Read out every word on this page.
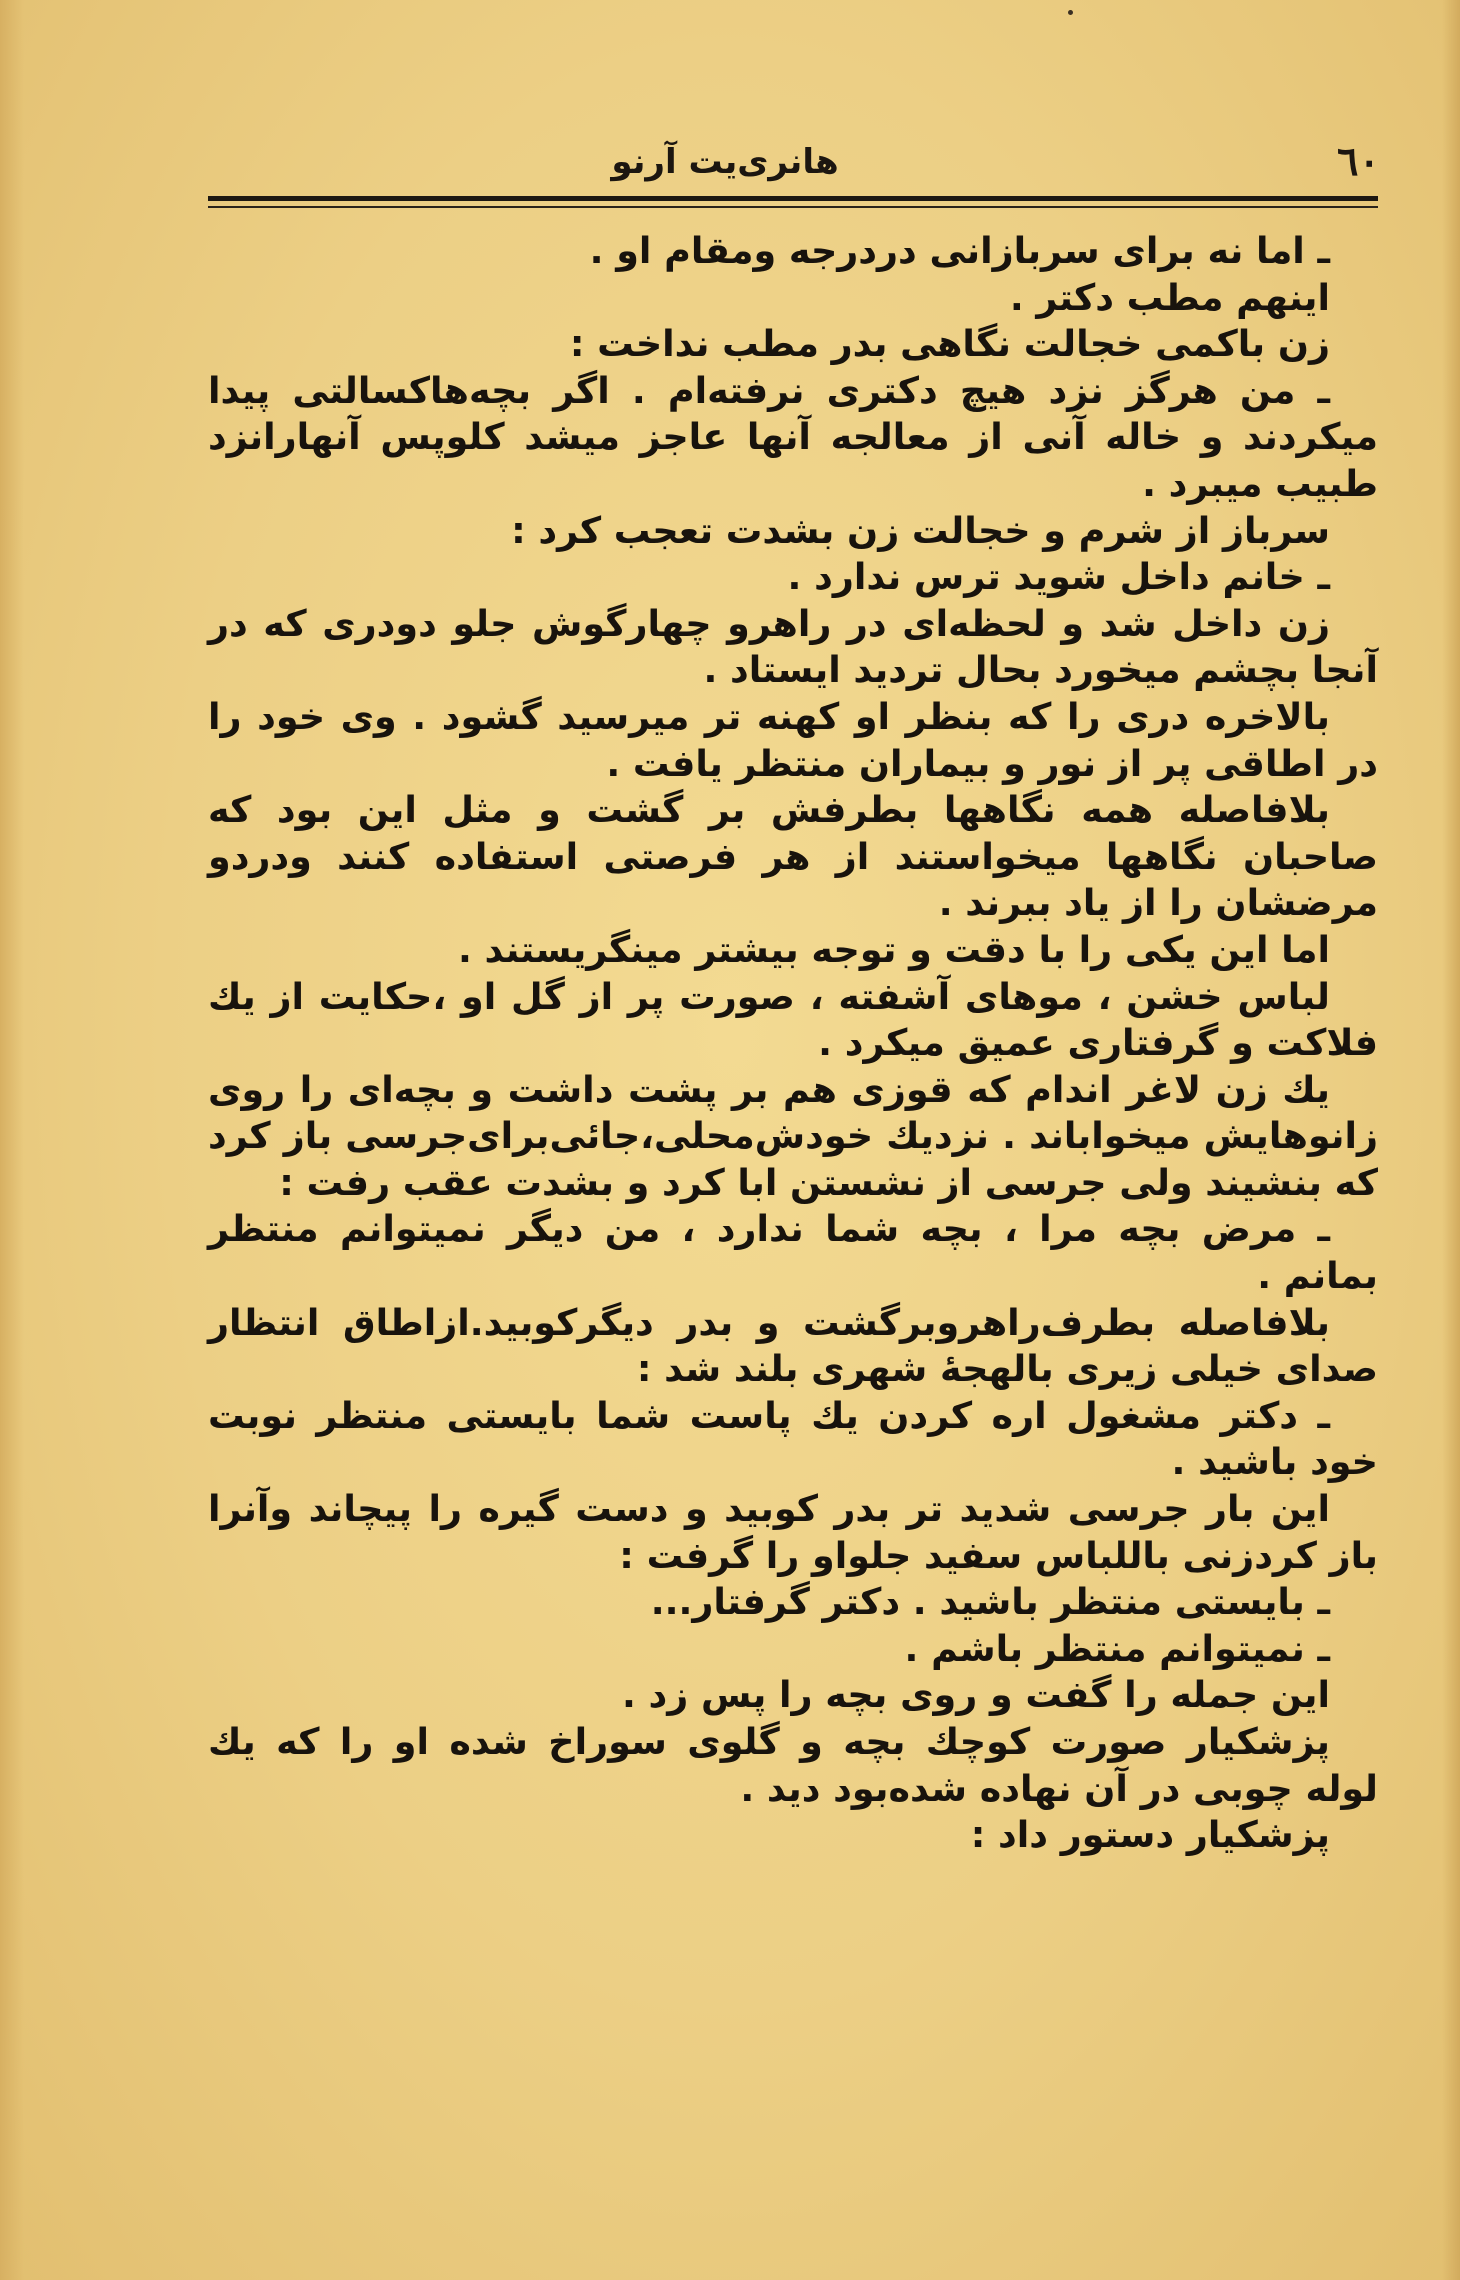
٦٠
هانری‌یت آرنو

ـ اما نه برای سربازانی دردرجه ومقام او .

اینهم مطب دکتر .

زن باکمی خجالت نگاهی بدر مطب نداخت :

ـ من هرگز نزد هیچ دکتری نرفته‌ام . اگر بچه‌هاکسالتی پیدا میکردند و خاله آنی از معالجه آنها عاجز میشد کلوپس آنهارانزد طبیب میبرد .

سرباز از شرم و خجالت زن بشدت تعجب کرد :

ـ خانم داخل شوید ترس ندارد .

زن داخل شد و لحظه‌ای در راهرو چهارگوش جلو دودری که در آنجا بچشم میخورد بحال تردید ایستاد .

بالاخره دری را که بنظر او کهنه تر میرسید گشود . وی خود را در اطاقی پر از نور و بیماران منتظر یافت .

بلافاصله همه نگاهها بطرفش بر گشت و مثل این بود که صاحبان نگاهها میخواستند از هر فرصتی استفاده کنند ودردو مرضشان را از یاد ببرند .

اما این یکی را با دقت و توجه بیشتر مینگریستند .

لباس خشن ، موهای آشفته ، صورت پر از گل او ،حکایت از یك فلاکت و گرفتاری عمیق میکرد .

یك زن لاغر اندام که قوزی هم بر پشت داشت و بچه‌ای را روی زانوهایش میخواباند . نزدیك خودش‌محلی،جائی‌برای‌جرسی باز کرد که بنشیند ولی جرسی از نشستن ابا کرد و بشدت عقب رفت :

ـ مرض بچه مرا ، بچه شما ندارد ، من دیگر نمیتوانم منتظر بمانم .

بلافاصله بطرف‌راهرو‌برگشت و بدر دیگرکوبید.ازاطاق انتظار صدای خیلی زیری بالهجهٔ شهری بلند شد :

ـ دکتر مشغول اره کردن یك پاست شما بایستی منتظر نوبت خود باشید .

این بار جرسی شدید تر بدر کوبید و دست گیره را پیچاند وآنرا باز کردزنی باللباس سفید جلواو را گرفت :

ـ بایستی منتظر باشید . دکتر گرفتار...

ـ نمیتوانم منتظر باشم .

این جمله را گفت و روی بچه را پس زد .

پزشکیار صورت کوچك بچه و گلوی سوراخ شده او را که یك لوله چوبی در آن نهاده شده‌بود دید .

پزشکیار دستور داد :
